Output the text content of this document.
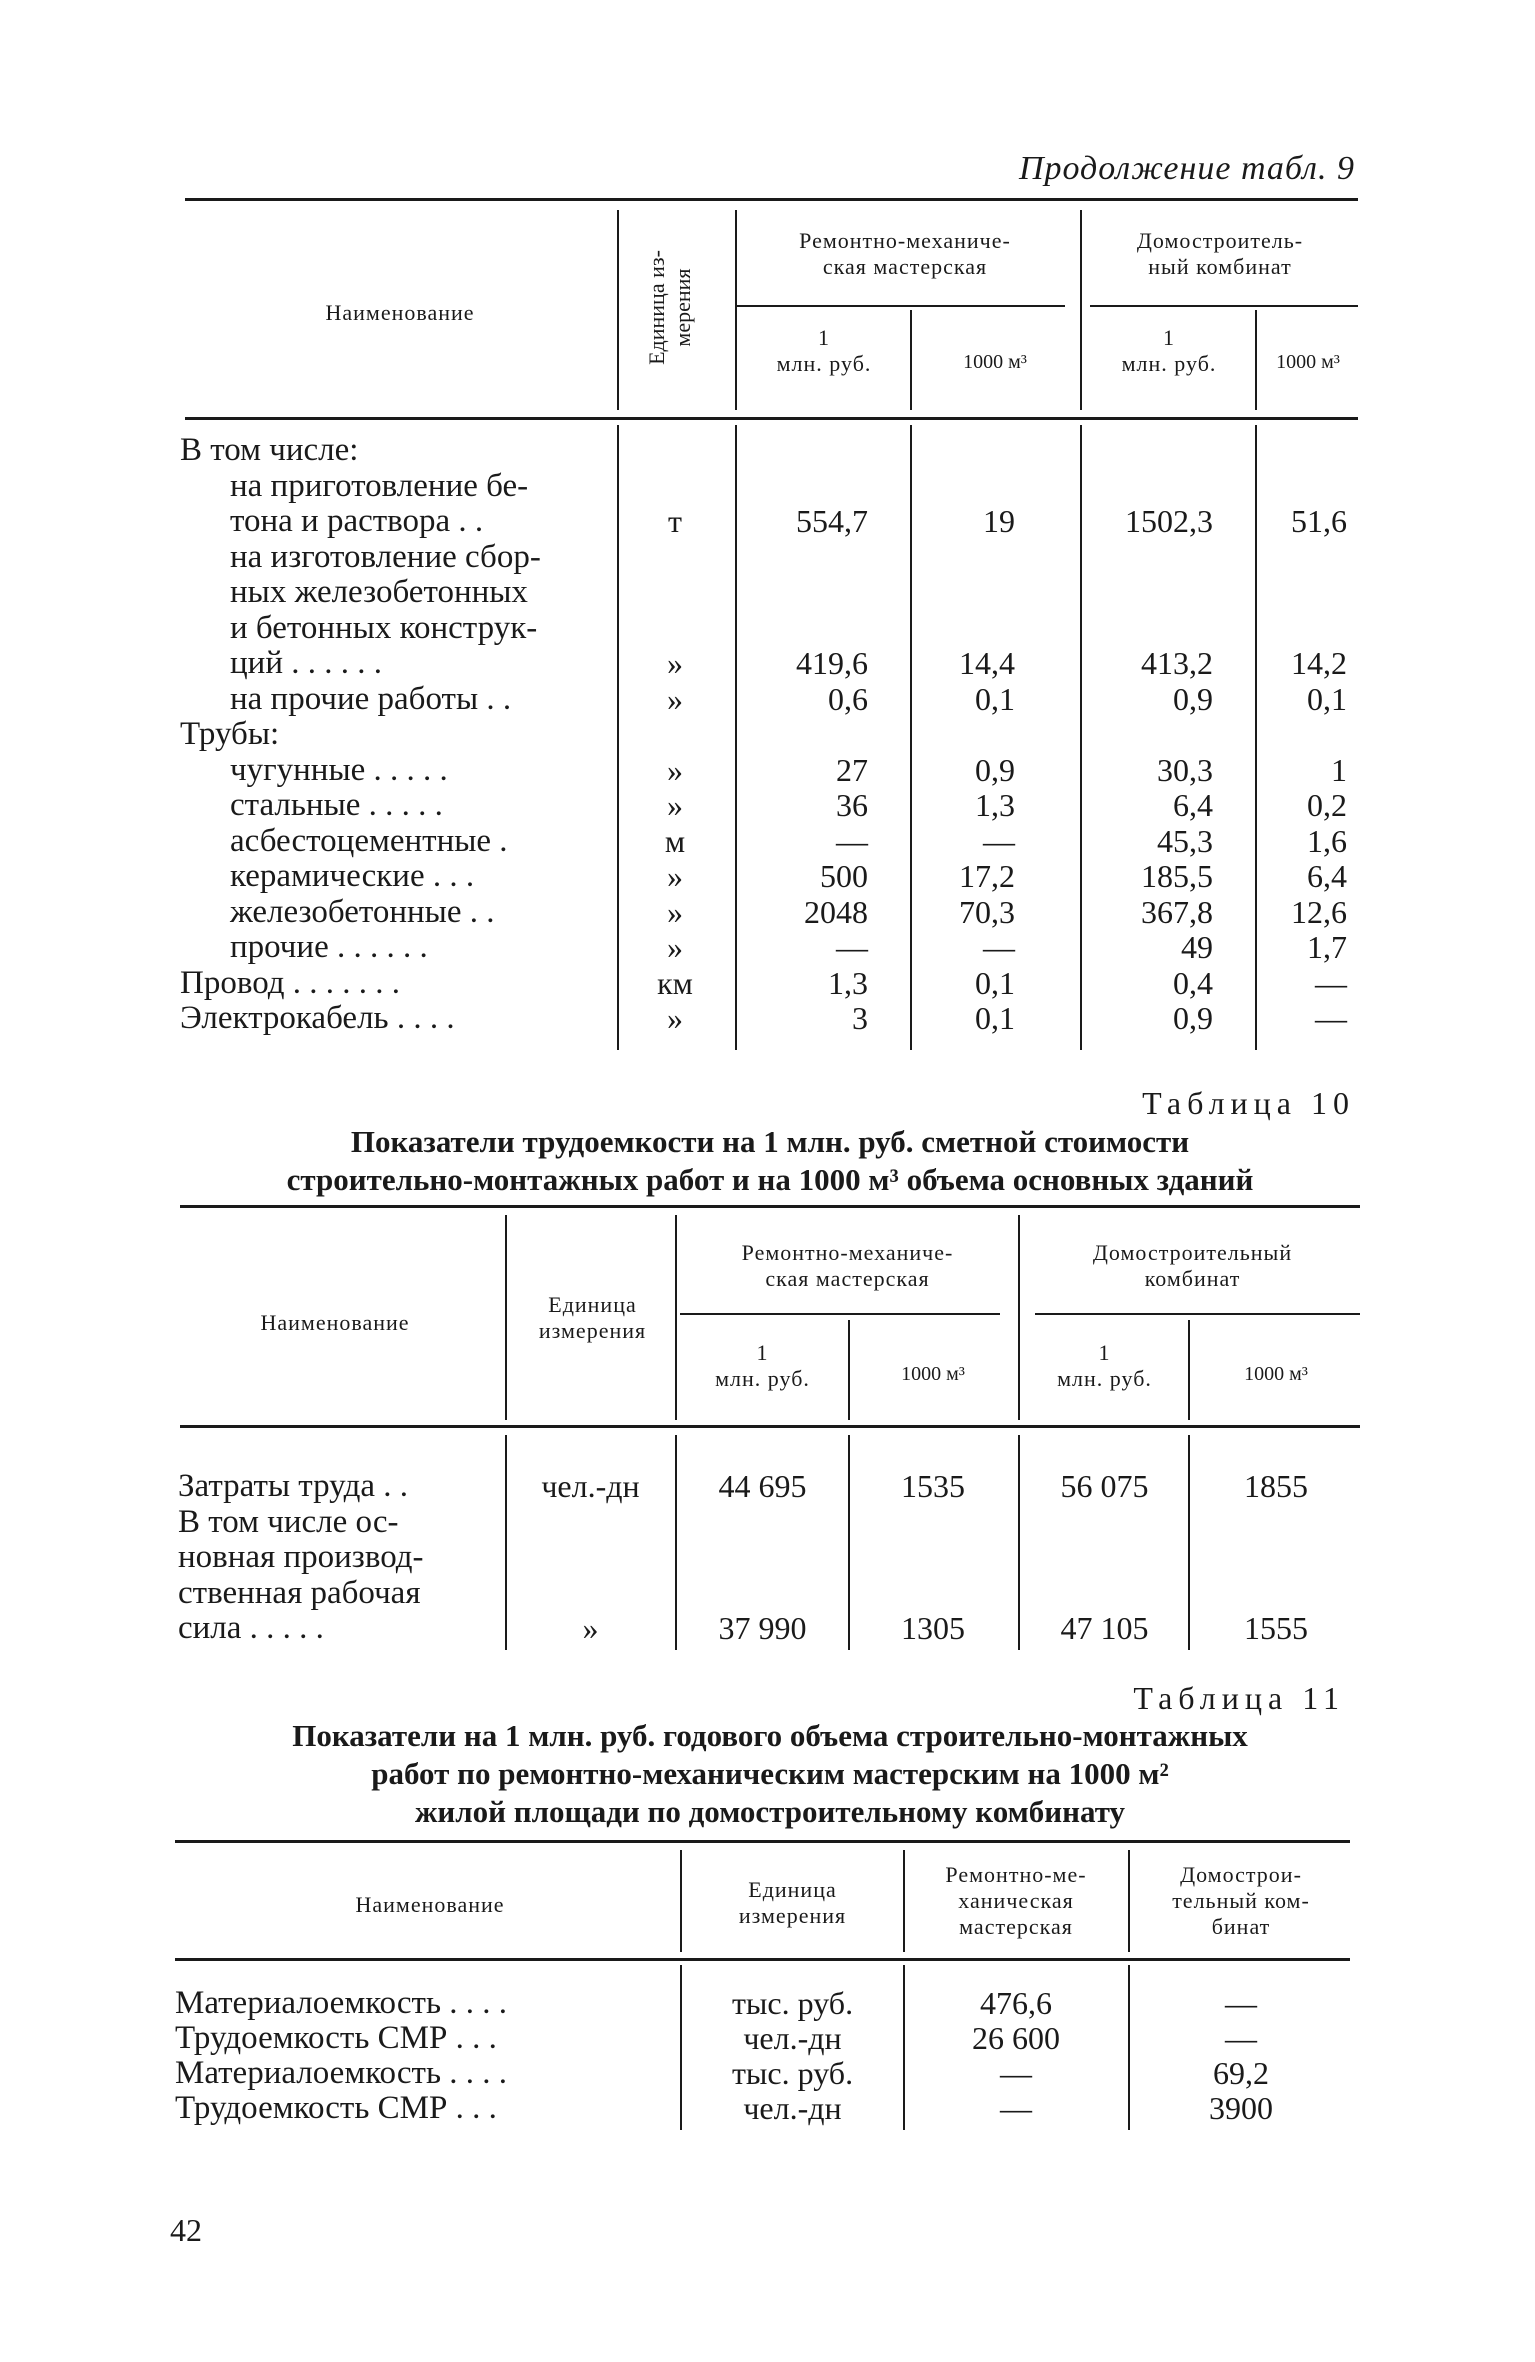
Продолжение табл. 9
Наименование	Единица из- мерения
Ремонтно-механиче-
ская мастерская
Домостроитель-
ный комбинат
1
млн. руб.	1000 м³
1
млн. руб.	1000 м³
В том числе:
на приготовление бе-
тона и раствора . .	т	554,7	19	1502,3	51,6
на изготовление сбор-
ных железобетонных
и бетонных конструк-
ций . . . . . .	»	419,6	14,4	413,2	14,2
на прочие работы . .	»	0,6	0,1	0,9	0,1
Трубы:
чугунные . . . . .	»	27	0,9	30,3	1
стальные . . . . .	»	36	1,3	6,4	0,2
асбестоцементные .	м	—	—	45,3	1,6
керамические . . .	»	500	17,2	185,5	6,4
железобетонные . .	»	2048	70,3	367,8	12,6
прочие . . . . . .	»	—	—	49	1,7
Провод . . . . . . .	км	1,3	0,1	0,4	—
Электрокабель . . . .	»	3	0,1	0,9	—
Таблица 10
Показатели трудоемкости на 1 млн. руб. сметной стоимости
строительно-монтажных работ и на 1000 м³ объема основных зданий
Наименование
Единица
измерения
Ремонтно-механиче-
ская мастерская
Домостроительный
комбинат
1
млн. руб.	1000 м³
1
млн. руб.	1000 м³
Затраты труда . .	чел.-дн	44 695	1535	56 075	1855
В том числе ос-
новная производ-
ственная рабочая
сила . . . . .	»	37 990	1305	47 105	1555
Таблица 11
Показатели на 1 млн. руб. годового объема строительно-монтажных
работ по ремонтно-механическим мастерским на 1000 м²
жилой площади по домостроительному комбинату
Наименование
Единица
измерения
Ремонтно-ме-
ханическая
мастерская
Домострои-
тельный ком-
бинат
Материалоемкость . . . .	тыс. руб.	476,6	—
Трудоемкость СМР . . .	чел.-дн	26 600	—
Материалоемкость . . . .	тыс. руб.	—	69,2
Трудоемкость СМР . . .	чел.-дн	—	3900
42
